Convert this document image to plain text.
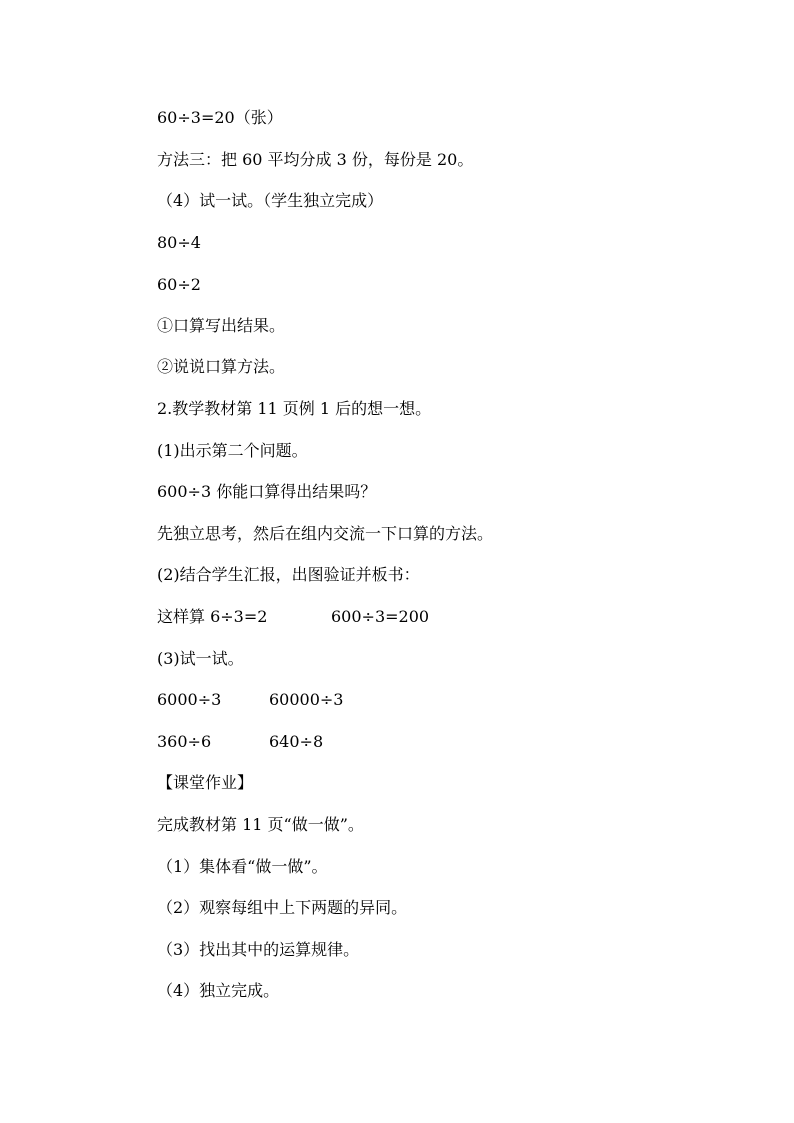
60÷3=20（张）
方法三：把 60 平均分成 3 份，每份是 20。
（4）试一试。（学生独立完成）
80÷4
60÷2
①口算写出结果。
②说说口算方法。
2.教学教材第 11 页例 1 后的想一想。
(1)出示第二个问题。
600÷3 你能口算得出结果吗？
先独立思考，然后在组内交流一下口算的方法。
(2)结合学生汇报，出图验证并板书：
这样算 6÷3=2	600÷3=200
(3)试一试。
6000÷3	60000÷3
360÷6	640÷8
【课堂作业】
完成教材第 11 页“做一做”。
（1）集体看“做一做”。
（2）观察每组中上下两题的异同。
（3）找出其中的运算规律。
（4）独立完成。
